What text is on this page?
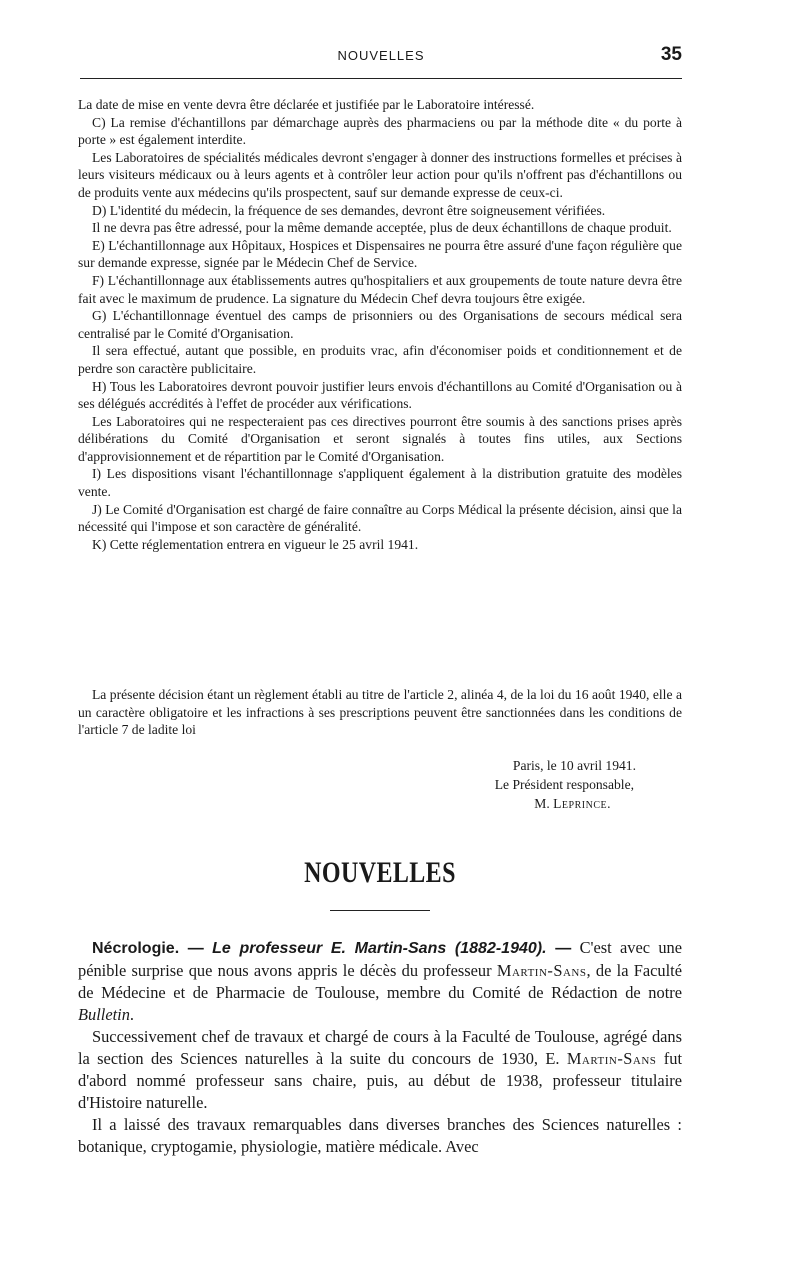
NOUVELLES	35

La date de mise en vente devra être déclarée et justifiée par le Laboratoire intéressé.

C) La remise d'échantillons par démarchage auprès des pharmaciens ou par la méthode dite « du porte à porte » est également interdite.

Les Laboratoires de spécialités médicales devront s'engager à donner des instructions formelles et précises à leurs visiteurs médicaux ou à leurs agents et à contrôler leur action pour qu'ils n'offrent pas d'échantillons ou de produits vente aux médecins qu'ils prospectent, sauf sur demande expresse de ceux-ci.

D) L'identité du médecin, la fréquence de ses demandes, devront être soigneusement vérifiées.

Il ne devra pas être adressé, pour la même demande acceptée, plus de deux échantillons de chaque produit.

E) L'échantillonnage aux Hôpitaux, Hospices et Dispensaires ne pourra être assuré d'une façon régulière que sur demande expresse, signée par le Médecin Chef de Service.

F) L'échantillonnage aux établissements autres qu'hospitaliers et aux groupements de toute nature devra être fait avec le maximum de prudence. La signature du Médecin Chef devra toujours être exigée.

G) L'échantillonnage éventuel des camps de prisonniers ou des Organisations de secours médical sera centralisé par le Comité d'Organisation.

Il sera effectué, autant que possible, en produits vrac, afin d'économiser poids et conditionnement et de perdre son caractère publicitaire.

H) Tous les Laboratoires devront pouvoir justifier leurs envois d'échantillons au Comité d'Organisation ou à ses délégués accrédités à l'effet de procéder aux vérifications.

Les Laboratoires qui ne respecteraient pas ces directives pourront être soumis à des sanctions prises après délibérations du Comité d'Organisation et seront signalés à toutes fins utiles, aux Sections d'approvisionnement et de répartition par le Comité d'Organisation.

I) Les dispositions visant l'échantillonnage s'appliquent également à la distribution gratuite des modèles vente.

J) Le Comité d'Organisation est chargé de faire connaître au Corps Médical la présente décision, ainsi que la nécessité qui l'impose et son caractère de généralité.

K) Cette réglementation entrera en vigueur le 25 avril 1941.

La présente décision étant un règlement établi au titre de l'article 2, alinéa 4, de la loi du 16 août 1940, elle a un caractère obligatoire et les infractions à ses prescriptions peuvent être sanctionnées dans les conditions de l'article 7 de ladite loi

Paris, le 10 avril 1941.
Le Président responsable,
M. Leprince.
NOUVELLES

Nécrologie. — Le professeur E. Martin-Sans (1882-1940). — C'est avec une pénible surprise que nous avons appris le décès du professeur Martin-Sans, de la Faculté de Médecine et de Pharmacie de Toulouse, membre du Comité de Rédaction de notre Bulletin.

Successivement chef de travaux et chargé de cours à la Faculté de Toulouse, agrégé dans la section des Sciences naturelles à la suite du concours de 1930, E. Martin-Sans fut d'abord nommé professeur sans chaire, puis, au début de 1938, professeur titulaire d'Histoire naturelle.

Il a laissé des travaux remarquables dans diverses branches des Sciences naturelles : botanique, cryptogamie, physiologie, matière médicale. Avec
